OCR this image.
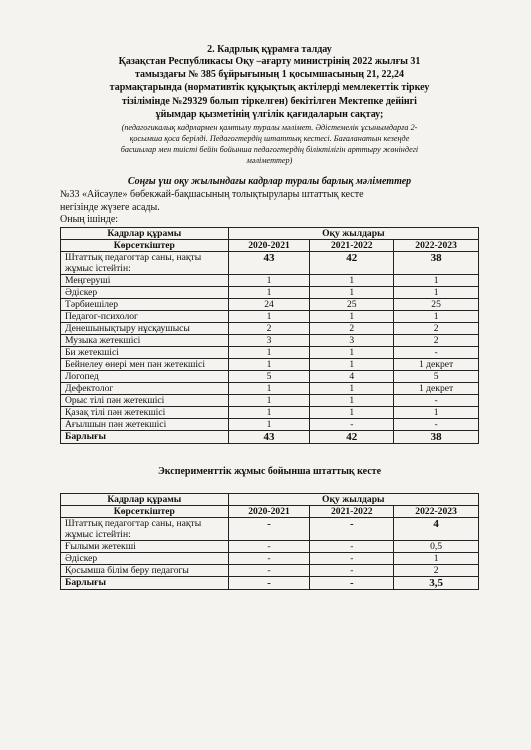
2. Кадрлық құрамға талдау
Қазақстан Республикасы Оқу –ағарту министрінің 2022 жылғы 31
тамыздағы № 385 бұйрығының 1 қосымшасының 21, 22,24
тармақтарында (нормативтік құқықтық актілерді мемлекеттік тіркеу
тізілімінде №29329 болып тіркелген) бекітілген Мектепке дейінгі
ұйымдар қызметінің үлгілік қағидаларын сақтау;
(педагогикалық кадрлармен қамтылу туралы мәлімет. Әдістемелік ұсынымдарға 2-
қосымша қоса берілді. Педагогтердің штаттық кестесі. Бағаланатын кезеңде
басшылар мен тиісті бейін бойынша педагогтердің біліктілігін арттыру жөніндегі
мәліметтер)
Соңғы үш оқу жылындағы кадрлар туралы барлық мәліметтер
№33 «Айсәуле» бөбекжай-бақшасының толықтырулары штаттық кесте
негізінде жүзеге асады.
Оның ішінде:
Кадрлар құрамы	Оқу жылдары		
Көрсеткіштер	2020-2021	2021-2022	2022-2023
Штаттық педагогтар саны, нақты жұмыс істейтін:	43	42	38
Меңгеруші	1	1	1
Әдіскер	1	1	1
Тәрбиешілер	24	25	25
Педагог-психолог	1	1	1
Денешынықтыру нұсқаушысы	2	2	2
Музыка жетекшісі	3	3	2
Би жетекшісі	1	1	-
Бейнелеу өнері мен пән жетекшісі	1	1	1 декрет
Логопед	5	4	5
Дефектолог	1	1	1 декрет
Орыс тілі пән жетекшісі	1	1	-
Қазақ тілі пән жетекшісі	1	1	1
Ағылшын пән жетекшісі	1	-	-
Барлығы	43	42	38
Эксперименттік жұмыс бойынша штаттық кесте
Кадрлар құрамы	Оқу жылдары		
Көрсеткіштер	2020-2021	2021-2022	2022-2023
Штаттық педагогтар саны, нақты жұмыс істейтін:	-	-	4
Ғылыми жетекші	-	-	0,5
Әдіскер	-	-	1
Қосымша білім беру педагогы	-	-	2
Барлығы	-	-	3,5
